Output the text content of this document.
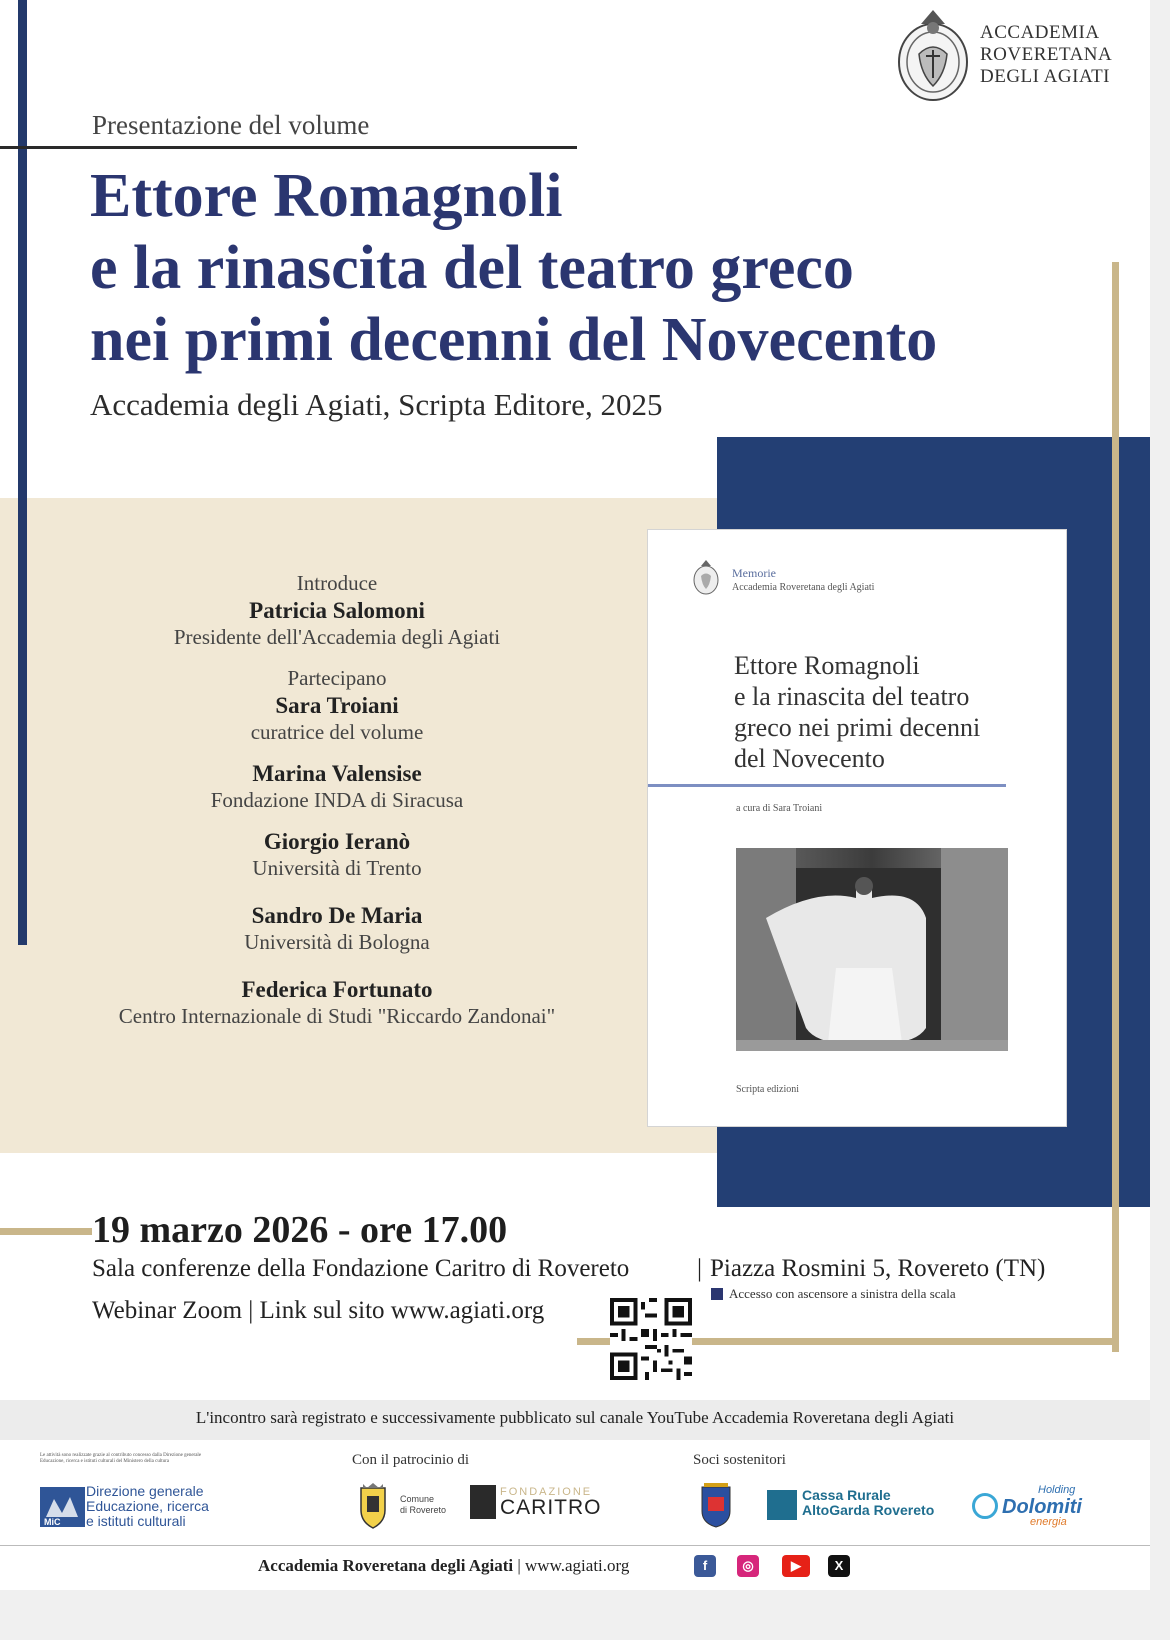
ACCADEMIA
ROVERETANA
DEGLI AGIATI
Presentazione del volume
Ettore Romagnoli
e la rinascita del teatro greco
nei primi decenni del Novecento
Accademia degli Agiati, Scripta Editore, 2025
Introduce
Patricia Salomoni
Presidente dell'Accademia degli Agiati
Partecipano
Sara Troiani
curatrice del volume
Marina Valensise
Fondazione INDA di Siracusa
Giorgio Ieranò
Università di Trento
Sandro De Maria
Università di Bologna
Federica Fortunato
Centro Internazionale di Studi "Riccardo Zandonai"
Memorie
Accademia Roveretana degli Agiati
Ettore Romagnoli
e la rinascita del teatro
greco nei primi decenni
del Novecento
a cura di Sara Troiani
Scripta edizioni
19 marzo 2026 - ore 17.00
Sala conferenze della Fondazione Caritro di Rovereto	| Piazza Rosmini 5, Rovereto (TN)
Webinar Zoom | Link sul sito www.agiati.org
Accesso con ascensore a sinistra della scala
L'incontro sarà registrato e successivamente pubblicato sul canale YouTube Accademia Roveretana degli Agiati
Le attività sono realizzate grazie al contributo concesso dalla Direzione generale Educazione, ricerca e istituti culturali del Ministero della cultura
MiC
Direzione generale
Educazione, ricerca
e istituti culturali
Con il patrocinio di
Comune
di Rovereto
FONDAZIONE
CARITRO
Soci sostenitori
Cassa Rurale
AltoGarda Rovereto
Holding
Dolomiti
energia
Accademia Roveretana degli Agiati | www.agiati.org	f	◎	▶	X
